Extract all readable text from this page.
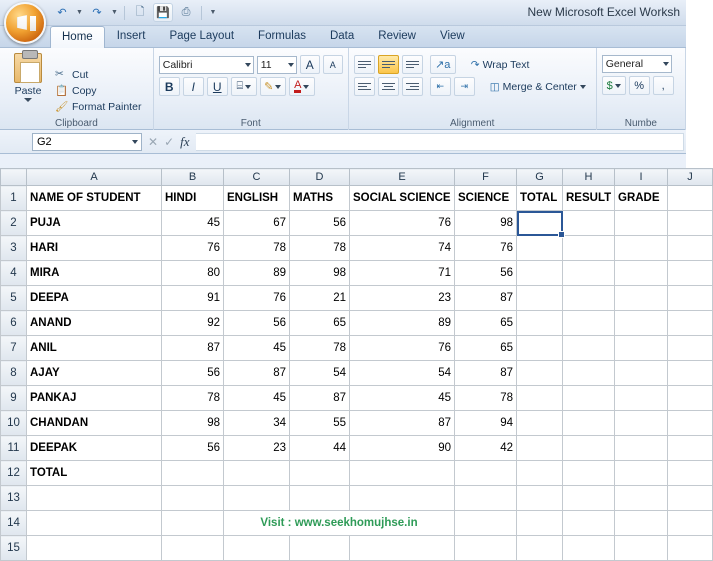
↶ ▼ ↷ ▼ 🗋 💾 ⎙	▼	New Microsoft Excel Worksh
Home	Insert	Page Layout	Formulas	Data	Review	View
Paste
✂ Cut
📋 Copy
🖌 Format Painter
Clipboard
Calibri	11	A A
B I U ⌸ ✎ A
Font
↗a ↷ Wrap Text
⇤ ⇥ ◫ Merge & Center
Alignment
General
$ % ,
Numbe
G2	✕ ✓ fx
	A	B	C	D	E	F	G	H	I	J
1	NAME OF STUDENT	HINDI	ENGLISH	MATHS	SOCIAL SCIENCE	SCIENCE	TOTAL	RESULT	GRADE	
2	PUJA	45	67	56	76	98				
3	HARI	76	78	78	74	76				
4	MIRA	80	89	98	71	56				
5	DEEPA	91	76	21	23	87				
6	ANAND	92	56	65	89	65				
7	ANIL	87	45	78	76	65				
8	AJAY	56	87	54	54	87				
9	PANKAJ	78	45	87	45	78				
10	CHANDAN	98	34	55	87	94				
11	DEEPAK	56	23	44	90	42				
12	TOTAL									
13										
14			Visit : www.seekhomujhse.in							
15										
